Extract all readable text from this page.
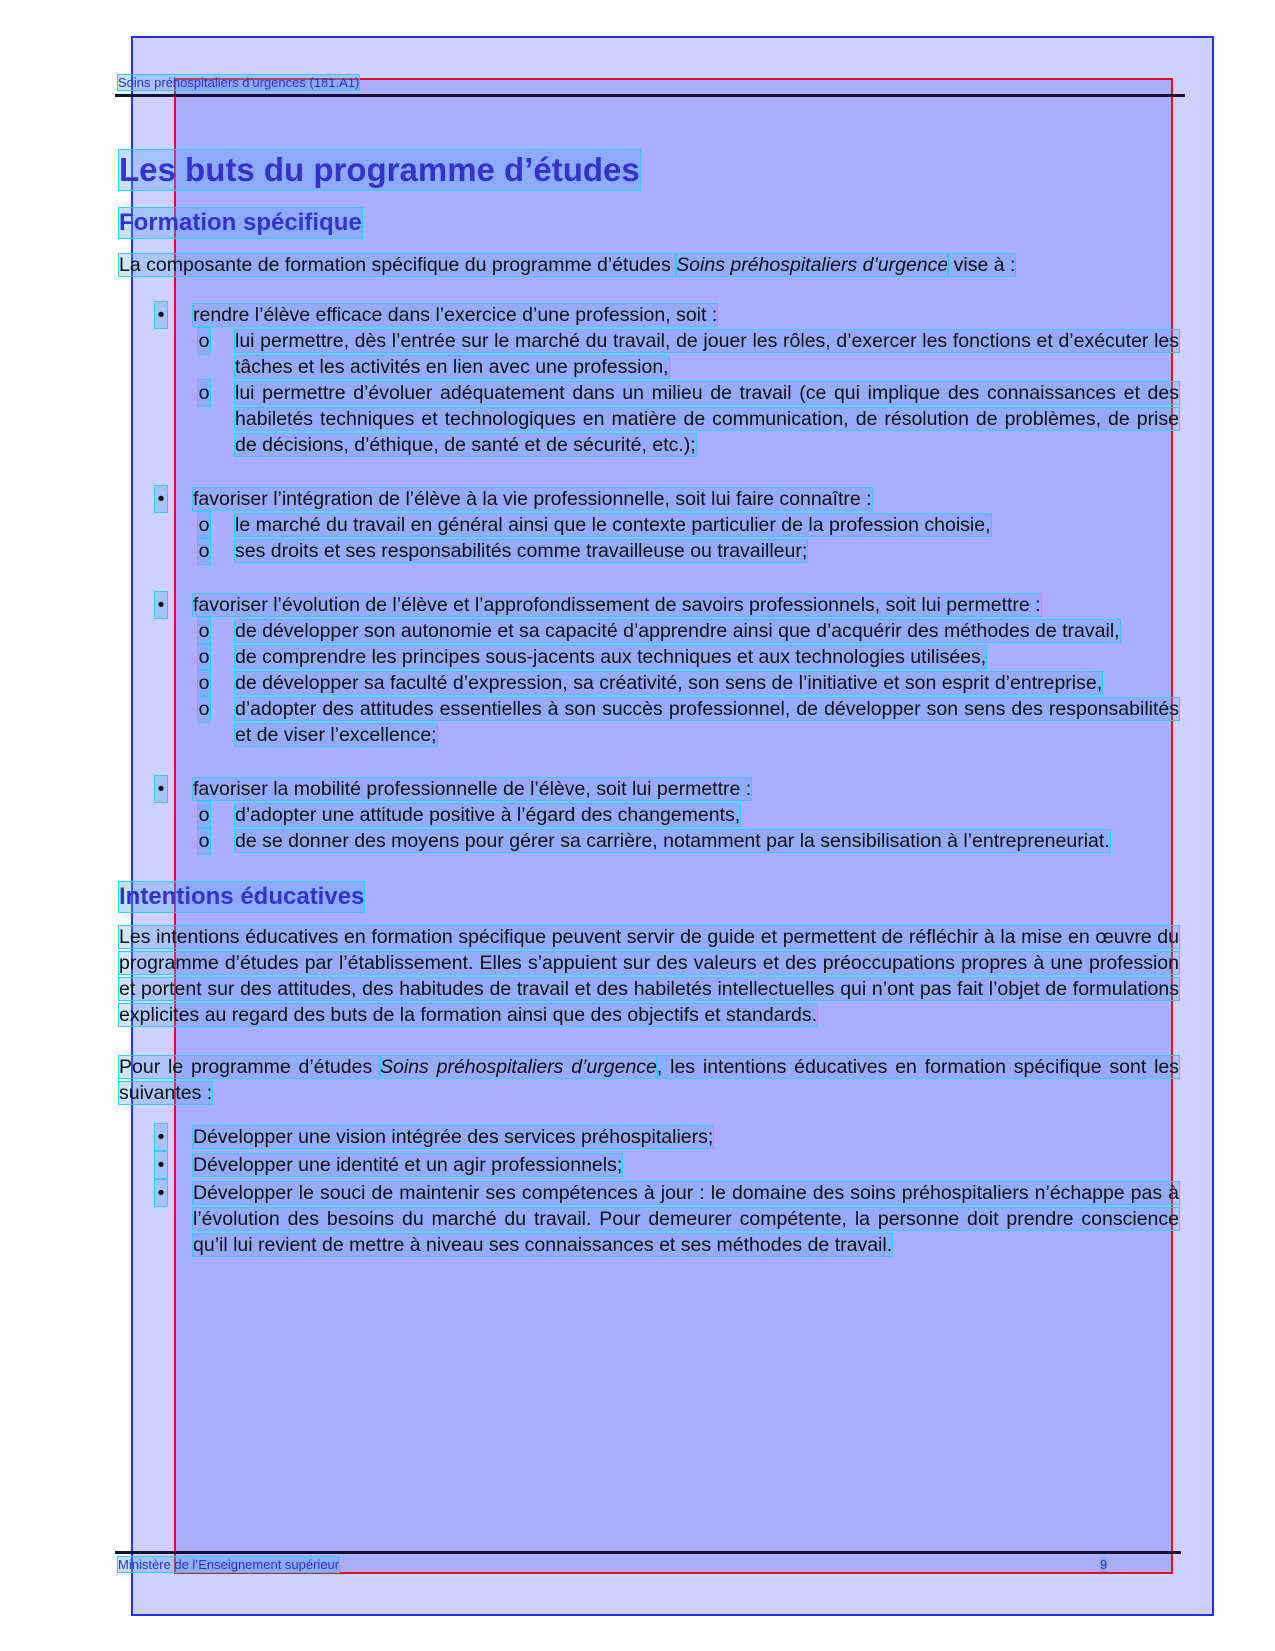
Soins préhospitaliers d’urgences (181.A1)
Les buts du programme d’études
Formation spécifique

La composante de formation spécifique du programme d’études Soins préhospitaliers d’urgence vise à :

• rendre l’élève efficace dans l’exercice d’une profession, soit :
o lui permettre, dès l’entrée sur le marché du travail, de jouer les rôles, d’exercer les fonctions et d’exécuter les tâches et les activités en lien avec une profession,
o lui permettre d’évoluer adéquatement dans un milieu de travail (ce qui implique des connaissances et des habiletés techniques et technologiques en matière de communication, de résolution de problèmes, de prise de décisions, d’éthique, de santé et de sécurité, etc.);
• favoriser l’intégration de l’élève à la vie professionnelle, soit lui faire connaître :
o le marché du travail en général ainsi que le contexte particulier de la profession choisie,
o ses droits et ses responsabilités comme travailleuse ou travailleur;
• favoriser l’évolution de l’élève et l’approfondissement de savoirs professionnels, soit lui permettre :
o de développer son autonomie et sa capacité d’apprendre ainsi que d’acquérir des méthodes de travail,
o de comprendre les principes sous-jacents aux techniques et aux technologies utilisées,
o de développer sa faculté d’expression, sa créativité, son sens de l’initiative et son esprit d’entreprise,
o d’adopter des attitudes essentielles à son succès professionnel, de développer son sens des responsabilités et de viser l’excellence;
• favoriser la mobilité professionnelle de l’élève, soit lui permettre :
o d’adopter une attitude positive à l’égard des changements,
o de se donner des moyens pour gérer sa carrière, notamment par la sensibilisation à l’entrepreneuriat.
Intentions éducatives

Les intentions éducatives en formation spécifique peuvent servir de guide et permettent de réfléchir à la mise en œuvre du programme d’études par l’établissement. Elles s’appuient sur des valeurs et des préoccupations propres à une profession et portent sur des attitudes, des habitudes de travail et des habiletés intellectuelles qui n’ont pas fait l’objet de formulations explicites au regard des buts de la formation ainsi que des objectifs et standards.

Pour le programme d’études Soins préhospitaliers d’urgence, les intentions éducatives en formation spécifique sont les suivantes :

• Développer une vision intégrée des services préhospitaliers;
• Développer une identité et un agir professionnels;
• Développer le souci de maintenir ses compétences à jour : le domaine des soins préhospitaliers n’échappe pas à l’évolution des besoins du marché du travail. Pour demeurer compétente, la personne doit prendre conscience qu’il lui revient de mettre à niveau ses connaissances et ses méthodes de travail.
Ministère de l’Enseignement supérieur	9
